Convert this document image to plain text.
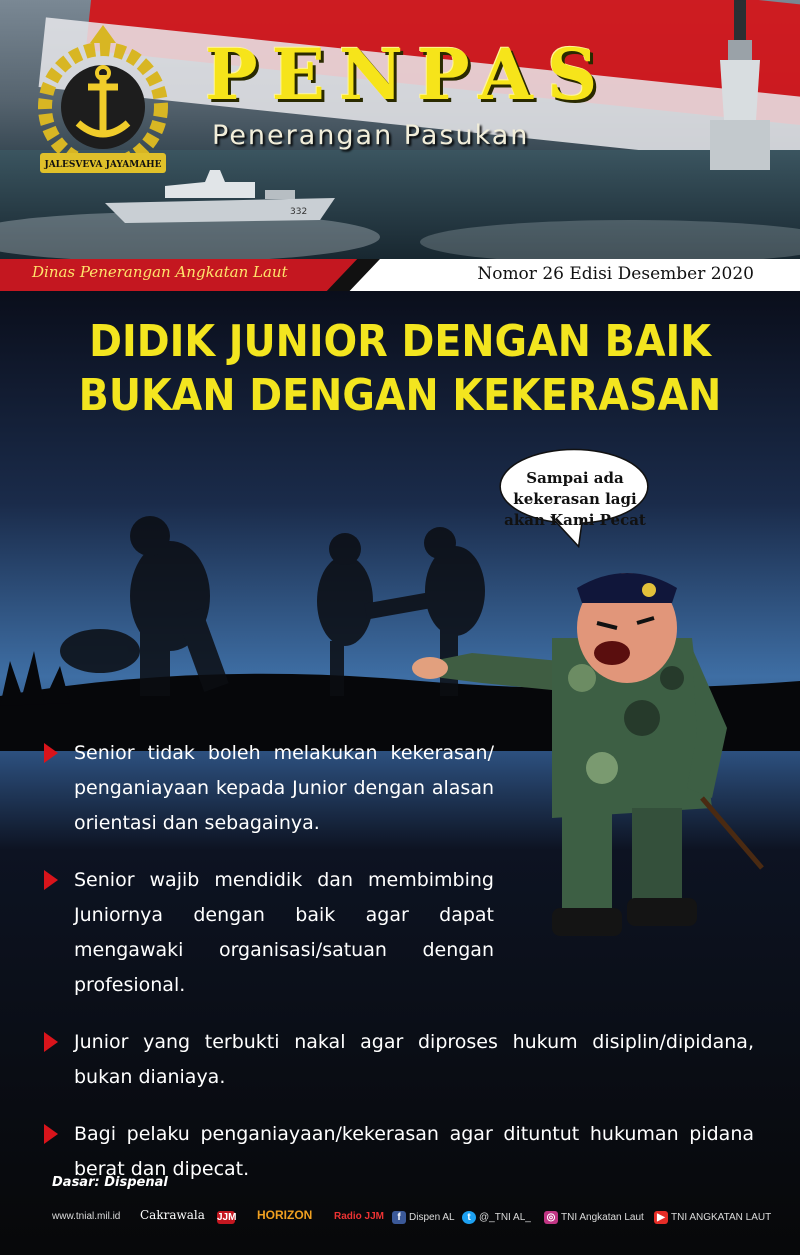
332
JALESVEVA JAYAMAHE
PENPAS
Penerangan Pasukan
Dinas Penerangan Angkatan Laut	Nomor 26 Edisi Desember 2020
DIDIK JUNIOR DENGAN BAIK
BUKAN DENGAN KEKERASAN
Sampai ada
kekerasan lagi
akan Kami Pecat
Senior tidak boleh melakukan kekerasan/ penganiayaan kepada Junior dengan alasan orientasi dan sebagainya.
Senior wajib mendidik dan membimbing Juniornya dengan baik agar dapat mengawaki organisasi/satuan dengan profesional.
Junior yang terbukti nakal agar diproses hukum disiplin/dipidana, bukan dianiaya.
Bagi pelaku penganiayaan/kekerasan agar dituntut hukuman pidana berat dan dipecat.
Dasar: Dispenal
www.tnial.mil.id Cakrawala JJM HORIZON Radio JJM	f Dispen AL	t @_TNI AL_ ◎ TNI Angkatan Laut	▶ TNI ANGKATAN LAUT
